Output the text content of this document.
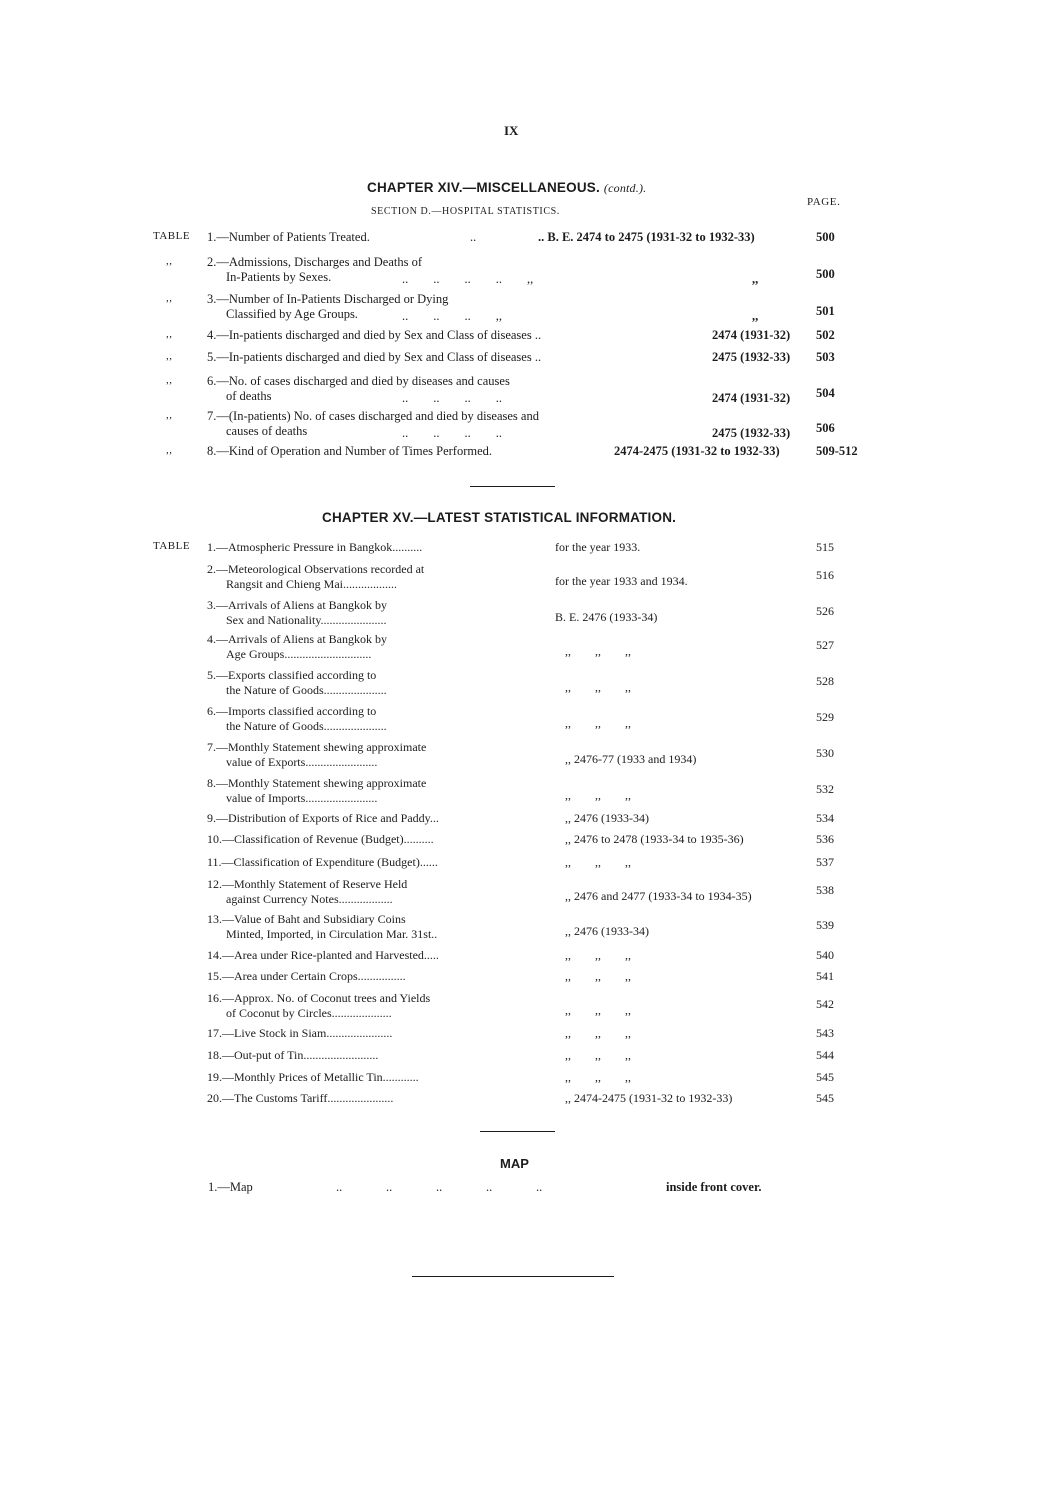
IX
CHAPTER XIV.—MISCELLANEOUS. (contd.).
PAGE.
SECTION D.—HOSPITAL STATISTICS.
TABLE 1.—Number of Patients Treated.	..	.. B. E. 2474 to 2475 (1931-32 to 1932-33)	500
,,	2.—Admissions, Discharges and Deaths of
In-Patients by Sexes.	..        ..        ..        ..        ,,	,,	500
,,	3.—Number of In-Patients Discharged or Dying
Classified by Age Groups.	..        ..        ..        ,,	,,	501
,,	4.—In-patients discharged and died by Sex and Class of diseases ..	2474 (1931-32) 502
,,	5.—In-patients discharged and died by Sex and Class of diseases ..	2475 (1932-33) 503
,,	6.—No. of cases discharged and died by diseases and causes
of deaths	..        ..        ..        ..	2474 (1931-32) 504
,,	7.—(In-patients) No. of cases discharged and died by diseases and
causes of deaths	..        ..        ..        ..	2475 (1932-33) 506
,,	8.—Kind of Operation and Number of Times Performed.	2474-2475 (1931-32 to 1932-33)	509-512
CHAPTER XV.—LATEST STATISTICAL INFORMATION.
TABLE 1.—Atmospheric Pressure in Bangkok..........	for the year 1933.	515
2.—Meteorological Observations recorded at
Rangsit and Chieng Mai..................	for the year 1933 and 1934.	516
3.—Arrivals of Aliens at Bangkok by
Sex and Nationality......................	B. E. 2476 (1933-34)	526
4.—Arrivals of Aliens at Bangkok by
Age Groups.............................	,,        ,,        ,,	527
5.—Exports classified according to
the Nature of Goods.....................	,,        ,,        ,,	528
6.—Imports classified according to
the Nature of Goods.....................	,,        ,,        ,,	529
7.—Monthly Statement shewing approximate
value of Exports........................	,, 2476-77 (1933 and 1934)	530
8.—Monthly Statement shewing approximate
value of Imports........................	,,        ,,        ,,	532
9.—Distribution of Exports of Rice and Paddy...	,, 2476 (1933-34)	534
10.—Classification of Revenue (Budget)..........	,, 2476 to 2478 (1933-34 to 1935-36)	536
11.—Classification of Expenditure (Budget)......	,,        ,,        ,,	537
12.—Monthly Statement of Reserve Held
against Currency Notes..................	,, 2476 and 2477 (1933-34 to 1934-35)	538
13.—Value of Baht and Subsidiary Coins
Minted, Imported, in Circulation Mar. 31st..	,, 2476 (1933-34)	539
14.—Area under Rice-planted and Harvested.....	,,        ,,        ,,	540
15.—Area under Certain Crops................	,,        ,,        ,,	541
16.—Approx. No. of Coconut trees and Yields
of Coconut by Circles....................	,,        ,,        ,,	542
17.—Live Stock in Siam......................	,,        ,,        ,,	543
18.—Out-put of Tin.........................	,,        ,,        ,,	544
19.—Monthly Prices of Metallic Tin............	,,        ,,        ,,	545
20.—The Customs Tariff......................	,, 2474-2475 (1931-32 to 1932-33)	545
MAP
1.—Map	..              ..              ..              ..              ..	inside front cover.
